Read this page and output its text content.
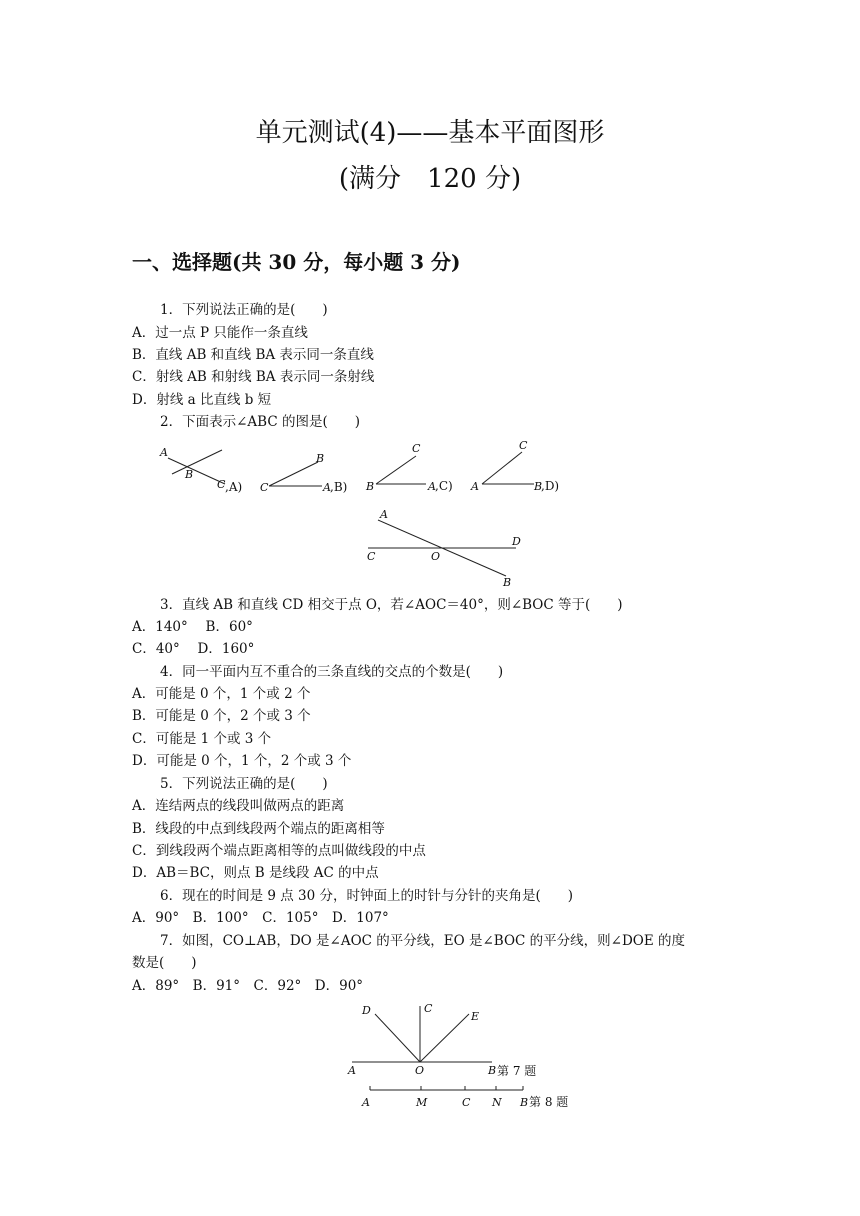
单元测试(4)——基本平面图形
(满分　120 分)
一、选择题(共 30 分，每小题 3 分)
1．下列说法正确的是(　　)
A．过一点 P 只能作一条直线
B．直线 AB 和直线 BA 表示同一条直线
C．射线 AB 和射线 BA 表示同一条射线
D．射线 a 比直线 b 短
2．下面表示∠ABC 的图是(　　)
A
B
C ,A)
B
C	A ,B)
C
B	A ,C)
C
A	B
,D)
A
C	O
D
B
3．直线 AB 和直线 CD 相交于点 O，若∠AOC＝40°，则∠BOC 等于(　　)
A．140°　 B．60°
C．40°　 D．160°
4．同一平面内互不重合的三条直线的交点的个数是(　　)
A．可能是 0 个，1 个或 2 个
B．可能是 0 个，2 个或 3 个
C．可能是 1 个或 3 个
D．可能是 0 个，1 个，2 个或 3 个
5．下列说法正确的是(　　)
A．连结两点的线段叫做两点的距离
B．线段的中点到线段两个端点的距离相等
C．到线段两个端点距离相等的点叫做线段的中点
D．AB＝BC，则点 B 是线段 AC 的中点
6．现在的时间是 9 点 30 分，时钟面上的时针与分针的夹角是(　　)
A．90°　B．100°　C．105°　D．107°
7．如图，CO⊥AB，DO 是∠AOC 的平分线，EO 是∠BOC 的平分线，则∠DOE 的度
数是(　　)
A．89°　B．91°　C．92°　D．90°
D	C
E
A	O	B 第 7 题
A	M	C N B 第 8 题
